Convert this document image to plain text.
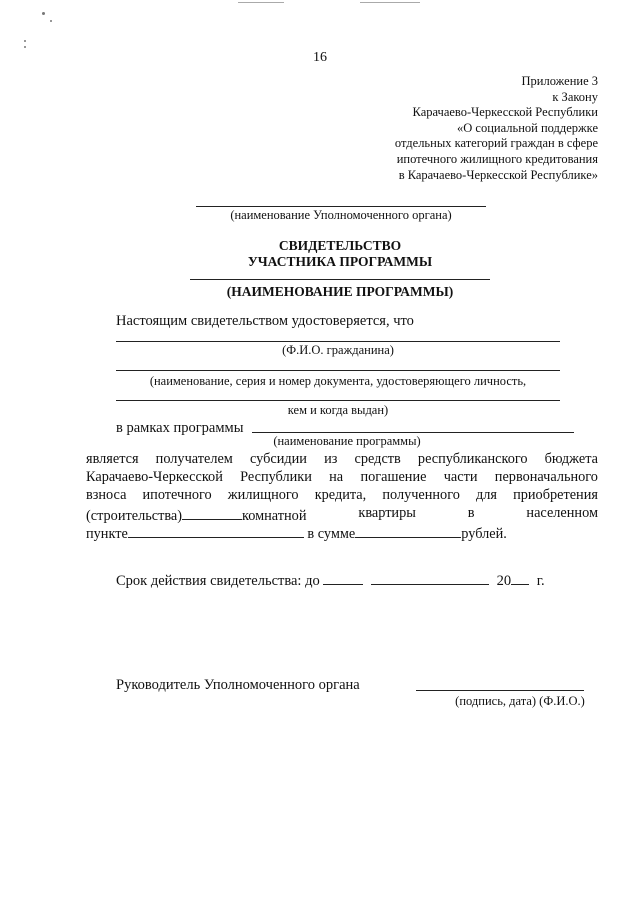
16
Приложение 3
к Закону
Карачаево-Черкесской Республики
«О социальной поддержке
отдельных категорий граждан в сфере
ипотечного жилищного кредитования
в Карачаево-Черкесской Республике»
(наименование Уполномоченного органа)
СВИДЕТЕЛЬСТВО
УЧАСТНИКА ПРОГРАММЫ
(НАИМЕНОВАНИЕ ПРОГРАММЫ)
Настоящим свидетельством удостоверяется, что
(Ф.И.О. гражданина)
(наименование, серия и номер документа, удостоверяющего личность,
кем и когда выдан)
в рамках программы
(наименование программы)
является получателем субсидии из средств республиканского бюджета
Карачаево-Черкесской Республики на погашение части первоначального
взноса ипотечного жилищного кредита, полученного для приобретения
(строительства)	комнатной	квартиры	в	населенном
пункте	в сумме	рублей.
Срок действия свидетельства: до	20 г.
Руководитель Уполномоченного органа
(подпись, дата) (Ф.И.О.)
